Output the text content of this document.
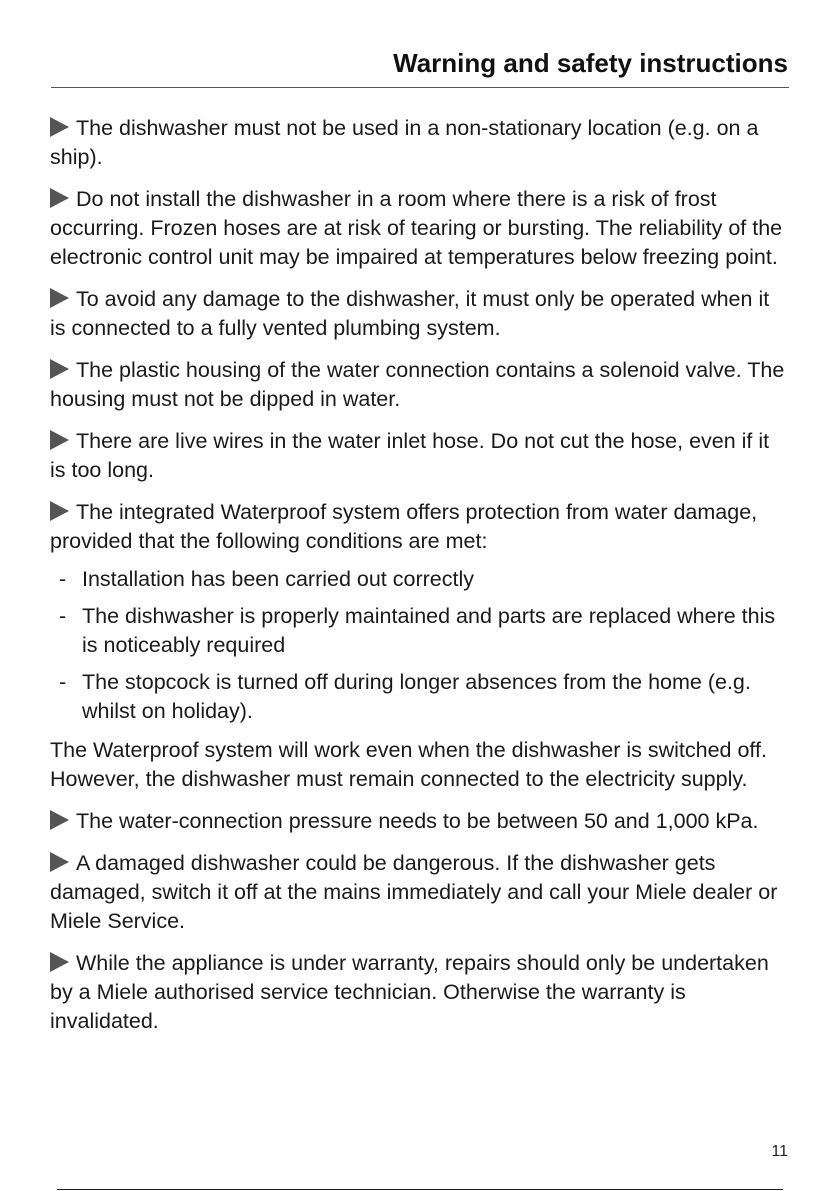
Warning and safety instructions

The dishwasher must not be used in a non-stationary location (e.g. on a ship).

Do not install the dishwasher in a room where there is a risk of frost occurring. Frozen hoses are at risk of tearing or bursting. The reliability of the electronic control unit may be impaired at temperatures below freezing point.

To avoid any damage to the dishwasher, it must only be operated when it is connected to a fully vented plumbing system.

The plastic housing of the water connection contains a solenoid valve. The housing must not be dipped in water.

There are live wires in the water inlet hose. Do not cut the hose, even if it is too long.

The integrated Waterproof system offers protection from water damage, provided that the following conditions are met:

- Installation has been carried out correctly
- The dishwasher is properly maintained and parts are replaced where this is noticeably required
- The stopcock is turned off during longer absences from the home (e.g. whilst on holiday).

The Waterproof system will work even when the dishwasher is switched off. However, the dishwasher must remain connected to the electricity supply.

The water-connection pressure needs to be between 50 and 1,000 kPa.

A damaged dishwasher could be dangerous. If the dishwasher gets damaged, switch it off at the mains immediately and call your Miele dealer or Miele Service.

While the appliance is under warranty, repairs should only be undertaken by a Miele authorised service technician. Otherwise the warranty is invalidated.

11
